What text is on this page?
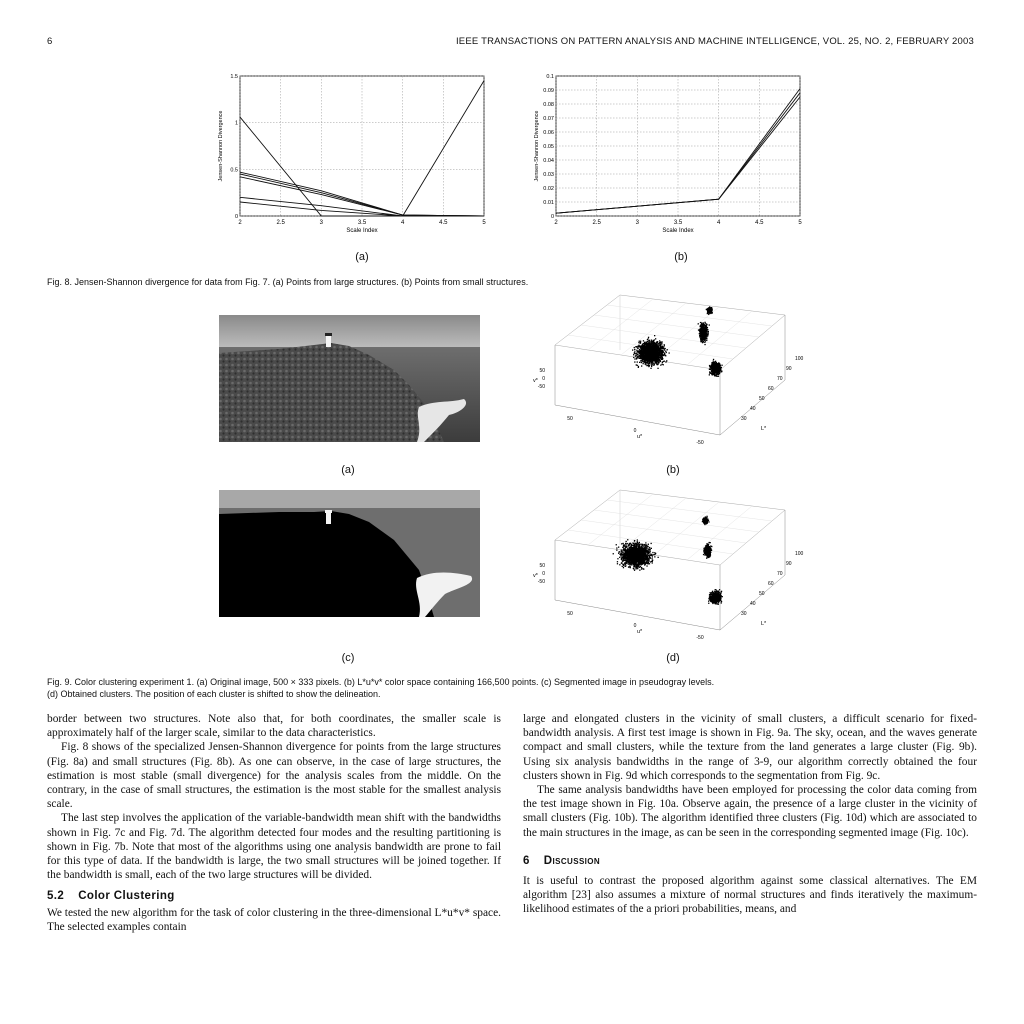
6	IEEE TRANSACTIONS ON PATTERN ANALYSIS AND MACHINE INTELLIGENCE, VOL. 25, NO. 2, FEBRUARY 2003
2	2.5	3	3.5	4	4.5	5
0
0.5
1
1.5
Scale Index
Jensen-Shannon Divergence
2	2.5	3	3.5	4	4.5	5
0
0.01
0.02
0.03
0.04
0.05
0.06
0.07
0.08
0.09
0.1
Scale Index
Jensen-Shannon Divergence
(a)	(b)
Fig. 8. Jensen-Shannon divergence for data from Fig. 7. (a) Points from large structures. (b) Points from small structures.
50
0
-50
v*
50
0
-50
u*
100
90
70
60
50
40
30
L*
50
0
-50
v*
50
0
-50
u*
100
90
70
60
50
40
30
L*
(a)	(b)
(c)	(d)
Fig. 9. Color clustering experiment 1. (a) Original image, 500 × 333 pixels. (b) L*u*v* color space containing 166,500 points. (c) Segmented image in pseudogray levels.
(d) Obtained clusters. The position of each cluster is shifted to show the delineation.

border between two structures. Note also that, for both coordinates, the smaller scale is approximately half of the larger scale, similar to the data characteristics.

Fig. 8 shows of the specialized Jensen-Shannon divergence for points from the large structures (Fig. 8a) and small structures (Fig. 8b). As one can observe, in the case of large structures, the estimation is most stable (small divergence) for the analysis scales from the middle. On the contrary, in the case of small structures, the estimation is the most stable for the smallest analysis scale.

The last step involves the application of the variable-bandwidth mean shift with the bandwidths shown in Fig. 7c and Fig. 7d. The algorithm detected four modes and the resulting partitioning is shown in Fig. 7b. Note that most of the algorithms using one analysis bandwidth are prone to fail for this type of data. If the bandwidth is large, the two small structures will be joined together. If the bandwidth is small, each of the two large structures will be divided.

5.2 Color Clustering

We tested the new algorithm for the task of color clustering in the three-dimensional L*u*v* space. The selected examples contain

large and elongated clusters in the vicinity of small clusters, a difficult scenario for fixed-bandwidth analysis. A first test image is shown in Fig. 9a. The sky, ocean, and the waves generate compact and small clusters, while the texture from the land generates a large cluster (Fig. 9b). Using six analysis bandwidths in the range of 3-9, our algorithm correctly obtained the four clusters shown in Fig. 9d which corresponds to the segmentation from Fig. 9c.

The same analysis bandwidths have been employed for processing the color data coming from the test image shown in Fig. 10a. Observe again, the presence of a large cluster in the vicinity of small clusters (Fig. 10b). The algorithm identified three clusters (Fig. 10d) which are associated to the main structures in the image, as can be seen in the corresponding segmented image (Fig. 10c).

6 Discussion

It is useful to contrast the proposed algorithm against some classical alternatives. The EM algorithm [23] also assumes a mixture of normal structures and finds iteratively the maximum-likelihood estimates of the a priori probabilities, means, and
